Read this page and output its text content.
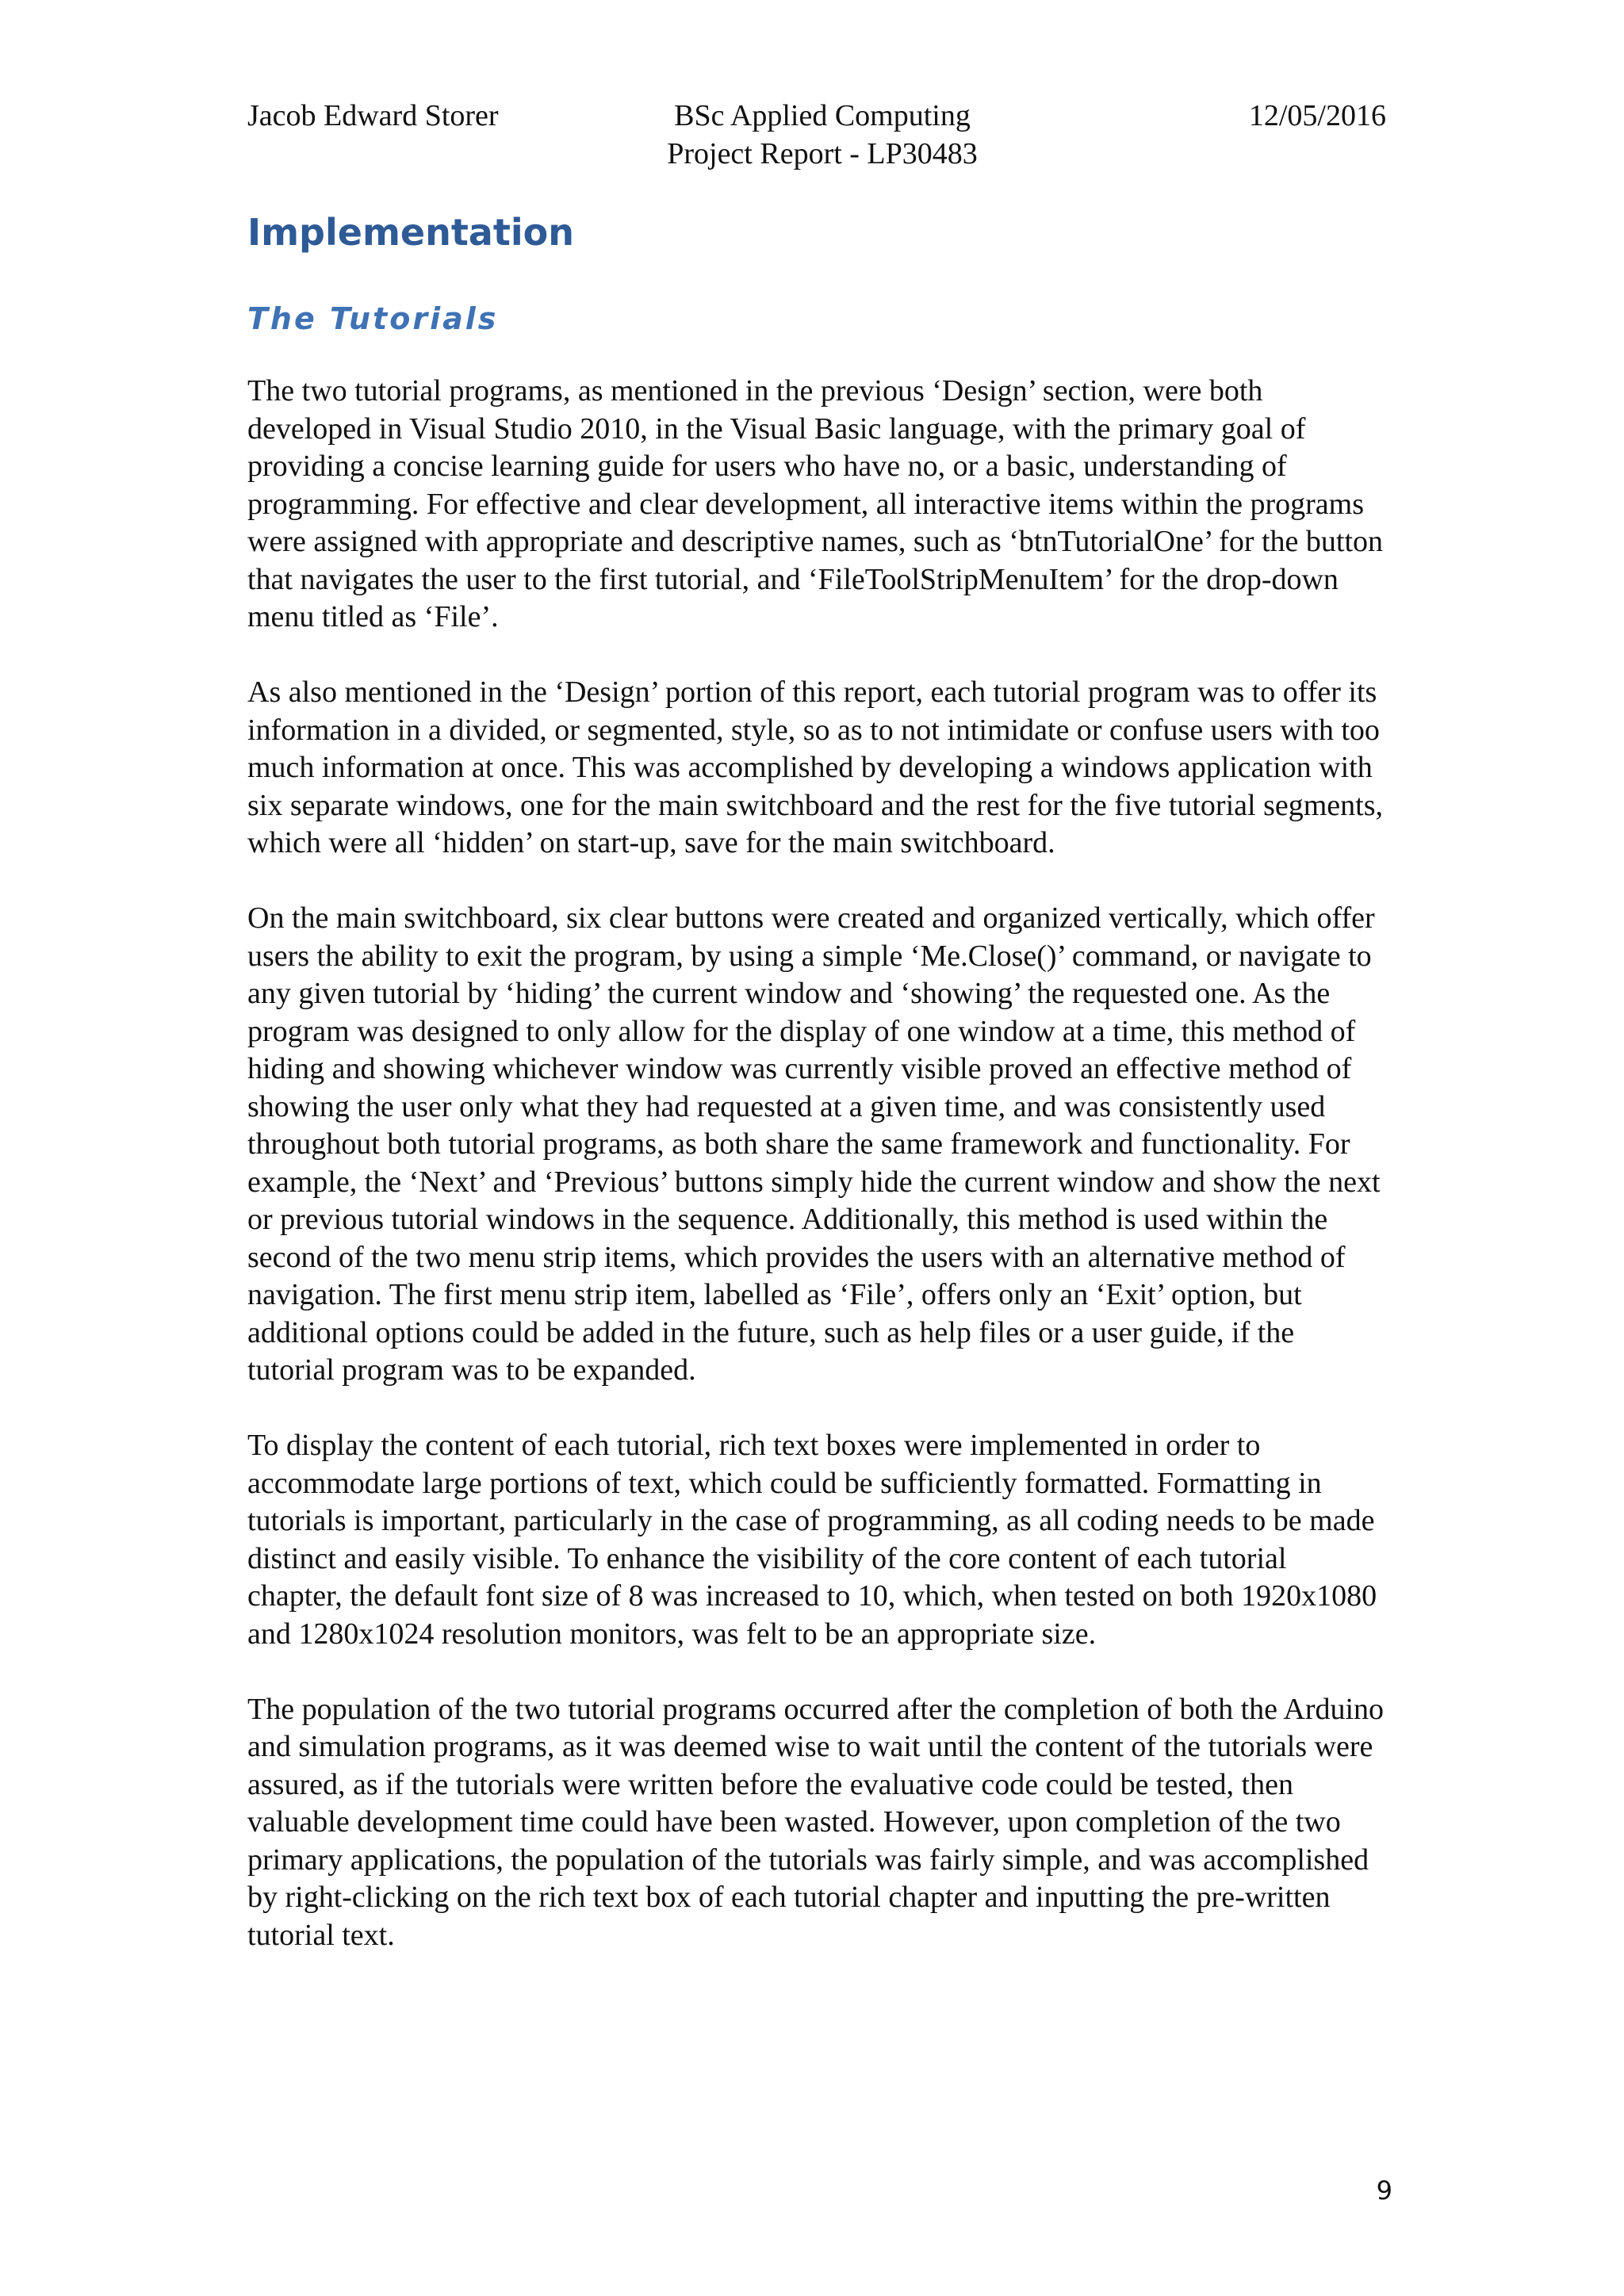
Jacob Edward Storer	BSc Applied Computing
Project Report - LP30483
12/05/2016
Implementation
The Tutorials

The two tutorial programs, as mentioned in the previous ‘Design’ section, were both developed in Visual Studio 2010, in the Visual Basic language, with the primary goal of providing a concise learning guide for users who have no, or a basic, understanding of programming. For effective and clear development, all interactive items within the programs were assigned with appropriate and descriptive names, such as ‘btnTutorialOne’ for the button that navigates the user to the first tutorial, and ‘FileToolStripMenuItem’ for the drop-down menu titled as ‘File’.

As also mentioned in the ‘Design’ portion of this report, each tutorial program was to offer its information in a divided, or segmented, style, so as to not intimidate or confuse users with too much information at once. This was accomplished by developing a windows application with six separate windows, one for the main switchboard and the rest for the five tutorial segments, which were all ‘hidden’ on start-up, save for the main switchboard.

On the main switchboard, six clear buttons were created and organized vertically, which offer users the ability to exit the program, by using a simple ‘Me.Close()’ command, or navigate to any given tutorial by ‘hiding’ the current window and ‘showing’ the requested one. As the program was designed to only allow for the display of one window at a time, this method of hiding and showing whichever window was currently visible proved an effective method of showing the user only what they had requested at a given time, and was consistently used throughout both tutorial programs, as both share the same framework and functionality. For example, the ‘Next’ and ‘Previous’ buttons simply hide the current window and show the next or previous tutorial windows in the sequence. Additionally, this method is used within the second of the two menu strip items, which provides the users with an alternative method of navigation. The first menu strip item, labelled as ‘File’, offers only an ‘Exit’ option, but additional options could be added in the future, such as help files or a user guide, if the tutorial program was to be expanded.

To display the content of each tutorial, rich text boxes were implemented in order to accommodate large portions of text, which could be sufficiently formatted. Formatting in tutorials is important, particularly in the case of programming, as all coding needs to be made distinct and easily visible. To enhance the visibility of the core content of each tutorial chapter, the default font size of 8 was increased to 10, which, when tested on both 1920x1080 and 1280x1024 resolution monitors, was felt to be an appropriate size.

The population of the two tutorial programs occurred after the completion of both the Arduino and simulation programs, as it was deemed wise to wait until the content of the tutorials were assured, as if the tutorials were written before the evaluative code could be tested, then valuable development time could have been wasted. However, upon completion of the two primary applications, the population of the tutorials was fairly simple, and was accomplished by right-clicking on the rich text box of each tutorial chapter and inputting the pre-written tutorial text.

9
